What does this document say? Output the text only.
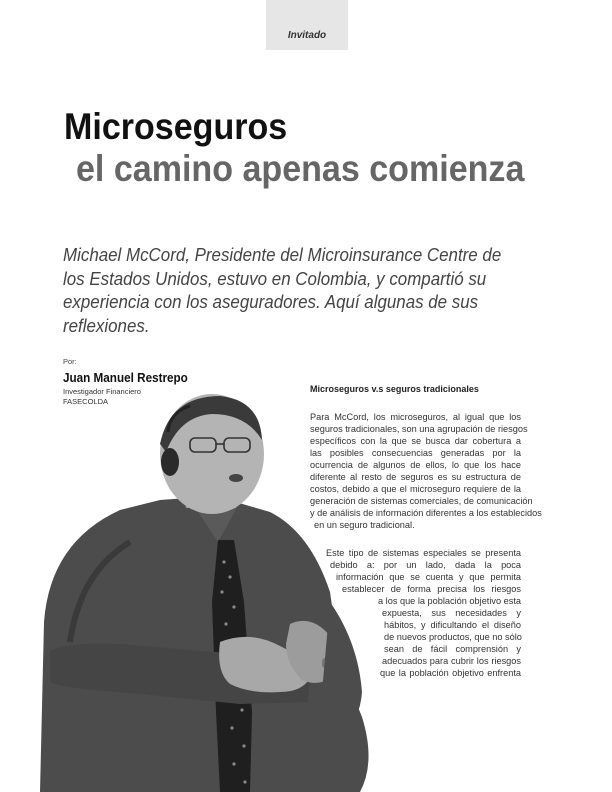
Invitado
Microseguros
el camino apenas comienza

Michael McCord, Presidente del Microinsurance Centre de los Estados Unidos, estuvo en Colombia, y compartió su experiencia con los aseguradores. Aquí algunas de sus reflexiones.

Por:
Juan Manuel Restrepo
Investigador Financiero
FASECOLDA
Microseguros v.s seguros tradicionales
Para McCord, los microseguros, al igual que los
seguros tradicionales, son una agrupación de riesgos
específicos con la que se busca dar cobertura a
las posibles consecuencias generadas por la
ocurrencia de algunos de ellos, lo que los hace
diferente al resto de seguros es su estructura de
costos, debido a que el microseguro requiere de la
generación de sistemas comerciales, de comunicación
y de análisis de información diferentes a los establecidos
en un seguro tradicional.
Este tipo de sistemas especiales se presenta
debido a: por un lado, dada la poca
información que se cuenta y que permita
establecer de forma precisa los riesgos
a los que la población objetivo esta
expuesta, sus necesidades y
hábitos, y dificultando el diseño
de nuevos productos, que no sólo
sean de fácil comprensión y
adecuados para cubrir los riesgos
que la población objetivo enfrenta
